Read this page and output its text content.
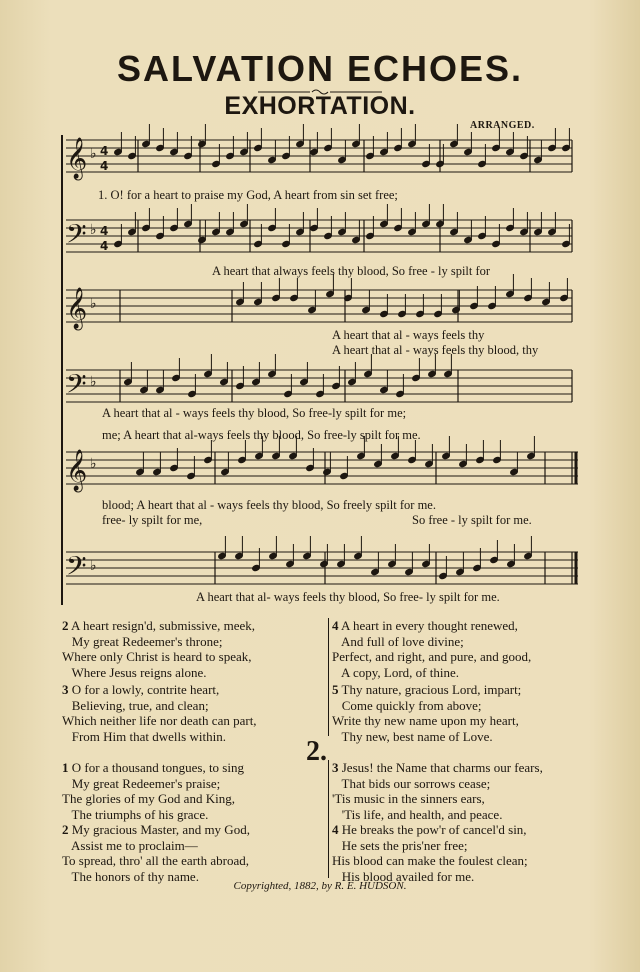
SALVATION ECHOES.
EXHORTATION.
ARRANGED.
𝄞
𝄢
𝄞
𝄢
𝄞
𝄢
♭
♭
♭
♭
♭
♭
4
4
4
4
1. O! for a heart to praise my God, A heart from sin set free;
A heart that always feels thy blood, So free - ly spilt for
A heart that al - ways feels thy
A heart that al - ways feels thy blood, thy
A heart that al - ways feels thy blood, So free-ly spilt for me;
me; A heart that al-ways feels thy blood, So free-ly spilt for me.
blood; A heart that al - ways feels thy blood, So freely spilt for me.
free- ly spilt for me,	So free - ly spilt for me.
A heart that al- ways feels thy blood, So free- ly spilt for me.
2 A heart resign'd, submissive, meek,
My great Redeemer's throne;
Where only Christ is heard to speak,
Where Jesus reigns alone.
3 O for a lowly, contrite heart,
Believing, true, and clean;
Which neither life nor death can part,
From Him that dwells within.
4 A heart in every thought renewed,
And full of love divine;
Perfect, and right, and pure, and good,
A copy, Lord, of thine.
5 Thy nature, gracious Lord, impart;
Come quickly from above;
Write thy new name upon my heart,
Thy new, best name of Love.
2.
1 O for a thousand tongues, to sing
My great Redeemer's praise;
The glories of my God and King,
The triumphs of his grace.
2 My gracious Master, and my God,
Assist me to proclaim—
To spread, thro' all the earth abroad,
The honors of thy name.
3 Jesus! the Name that charms our fears,
That bids our sorrows cease;
'Tis music in the sinners ears,
'Tis life, and health, and peace.
4 He breaks the pow'r of cancel'd sin,
He sets the pris'ner free;
His blood can make the foulest clean;
His blood availed for me.
Copyrighted, 1882, by R. E. HUDSON.
